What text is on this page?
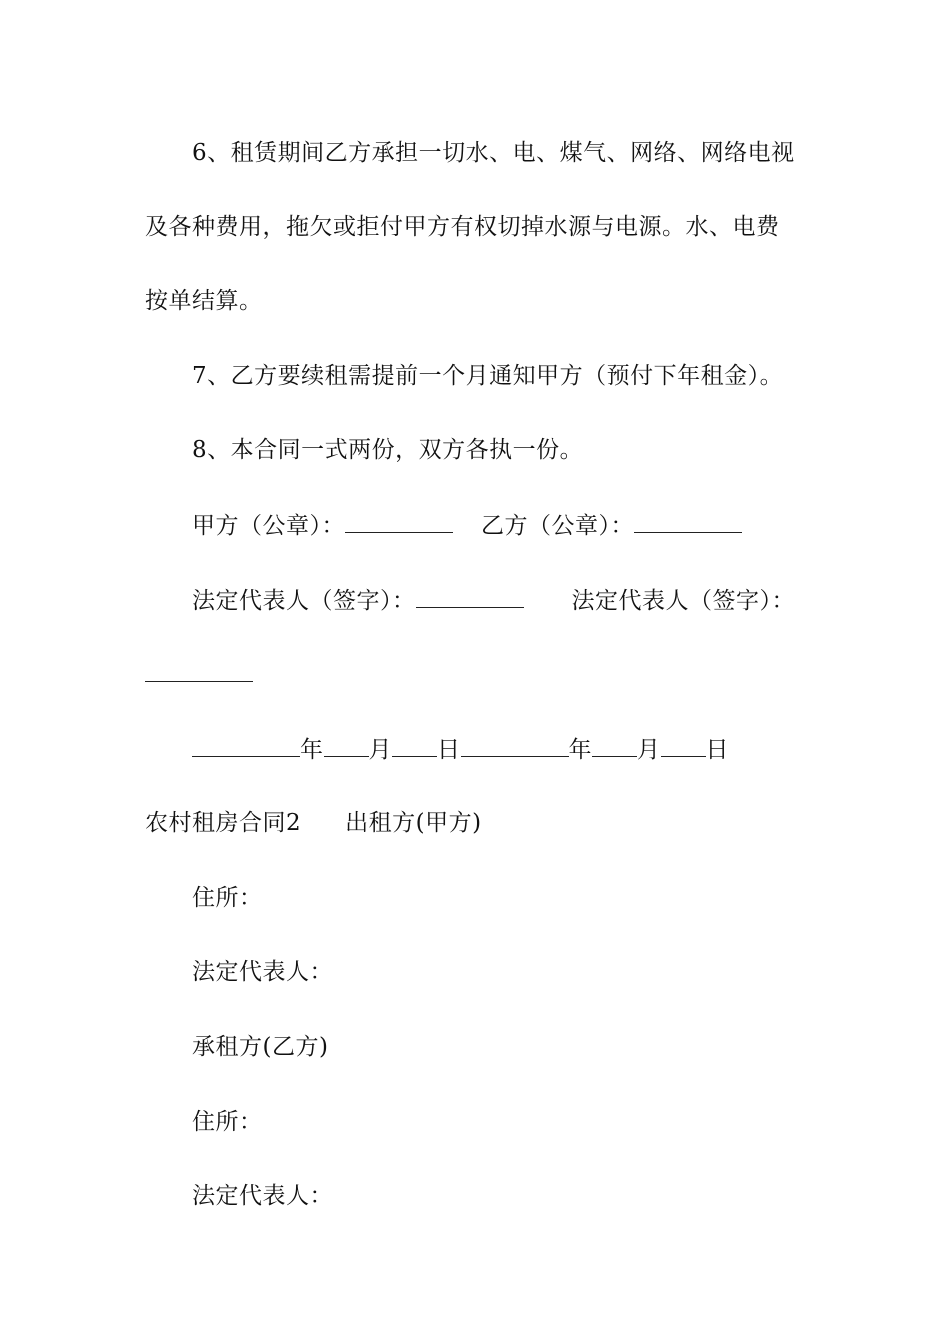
6、租赁期间乙方承担一切水、电、煤气、网络、网络电视
及各种费用，拖欠或拒付甲方有权切掉水源与电源。水、电费
按单结算。
7、乙方要续租需提前一个月通知甲方（预付下年租金）。
8、本合同一式两份，双方各执一份。
甲方（公章）：	乙方（公章）：
法定代表人（签字）：	法定代表人（签字）：
年 月 日	年 月 日
农村租房合同2 出租方(甲方)
住所：
法定代表人：
承租方(乙方)
住所：
法定代表人：
